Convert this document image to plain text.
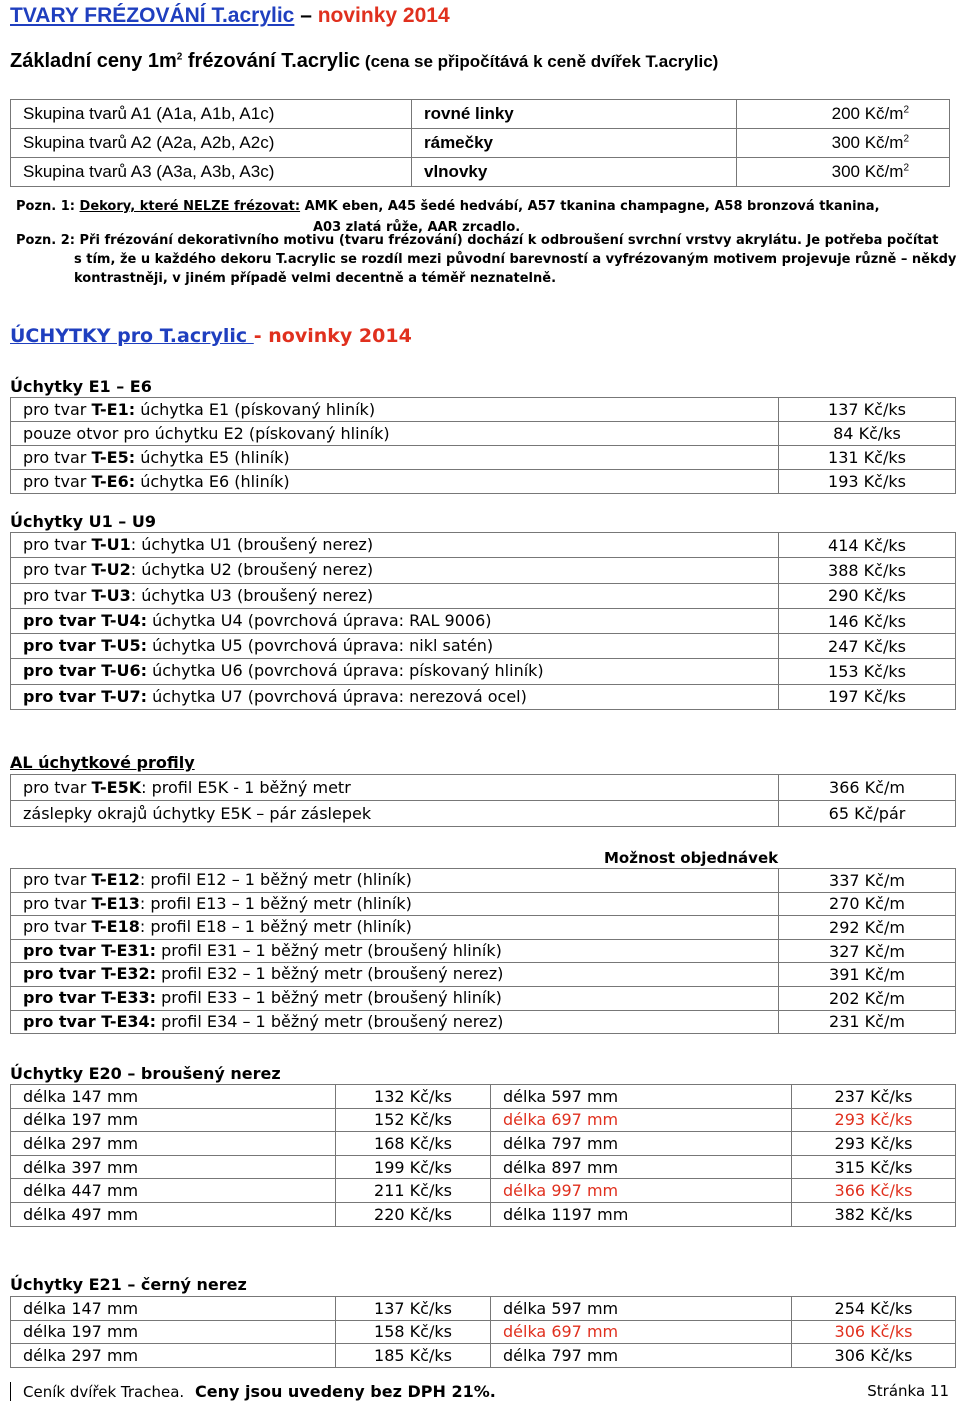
TVARY FRÉZOVÁNÍ T.acrylic – novinky 2014
Základní ceny $1m^2$ frézování T.acrylic (cena se připočítává k ceně dvířek T.acrylic)
Skupina tvarů A1 (A1a, A1b, A1c)	rovné linky	200 $Kč/m^2$
Skupina tvarů A2 (A2a, A2b, A2c)	rámečky	300 $Kč/m^2$
Skupina tvarů A3 (A3a, A3b, A3c)	vlnovky	300 $Kč/m^2$
Pozn. 1: Dekory, které NELZE frézovat: AMK eben, A45 šedé hedvábí, A57 tkanina champagne, A58 bronzová tkanina,
A03 zlatá růže, AAR zrcadlo.
Pozn. 2: Při frézování dekorativního motivu (tvaru frézování) dochází k odbroušení svrchní vrstvy akrylátu. Je potřeba počítat
s tím, že u každého dekoru T.acrylic se rozdíl mezi původní barevností a vyfrézovaným motivem projevuje různě – někdy
kontrastněji, v jiném případě velmi decentně a téměř neznatelně.
ÚCHYTKY pro T.acrylic - novinky 2014
Úchytky E1 – E6
pro tvar T-E1: úchytka E1 (pískovaný hliník)	137 Kč/ks
pouze otvor pro úchytku E2 (pískovaný hliník)	84 Kč/ks
pro tvar T-E5: úchytka E5 (hliník)	131 Kč/ks
pro tvar T-E6: úchytka E6 (hliník)	193 Kč/ks
Úchytky U1 – U9
pro tvar T-U1: úchytka U1 (broušený nerez)	414 Kč/ks
pro tvar T-U2: úchytka U2 (broušený nerez)	388 Kč/ks
pro tvar T-U3: úchytka U3 (broušený nerez)	290 Kč/ks
pro tvar T-U4: úchytka U4 (povrchová úprava: RAL 9006)	146 Kč/ks
pro tvar T-U5: úchytka U5 (povrchová úprava: nikl satén)	247 Kč/ks
pro tvar T-U6: úchytka U6 (povrchová úprava: pískovaný hliník)	153 Kč/ks
pro tvar T-U7: úchytka U7 (povrchová úprava: nerezová ocel)	197 Kč/ks
AL úchytkové profily
pro tvar T-E5K: profil E5K - 1 běžný metr	366 Kč/m
záslepky okrajů úchytky E5K – pár záslepek	65 Kč/pár
Možnost objednávek
pro tvar T-E12: profil E12 – 1 běžný metr (hliník)	337 Kč/m
pro tvar T-E13: profil E13 – 1 běžný metr (hliník)	270 Kč/m
pro tvar T-E18: profil E18 – 1 běžný metr (hliník)	292 Kč/m
pro tvar T-E31: profil E31 – 1 běžný metr (broušený hliník)	327 Kč/m
pro tvar T-E32: profil E32 – 1 běžný metr (broušený nerez)	391 Kč/m
pro tvar T-E33: profil E33 – 1 běžný metr (broušený hliník)	202 Kč/m
pro tvar T-E34: profil E34 – 1 běžný metr (broušený nerez)	231 Kč/m
Úchytky E20 – broušený nerez
délka 147 mm	132 Kč/ks	délka 597 mm	237 Kč/ks
délka 197 mm	152 Kč/ks	délka 697 mm	293 Kč/ks
délka 297 mm	168 Kč/ks	délka 797 mm	293 Kč/ks
délka 397 mm	199 Kč/ks	délka 897 mm	315 Kč/ks
délka 447 mm	211 Kč/ks	délka 997 mm	366 Kč/ks
délka 497 mm	220 Kč/ks	délka 1197 mm	382 Kč/ks
Úchytky E21 – černý nerez
délka 147 mm	137 Kč/ks	délka 597 mm	254 Kč/ks
délka 197 mm	158 Kč/ks	délka 697 mm	306 Kč/ks
délka 297 mm	185 Kč/ks	délka 797 mm	306 Kč/ks
Ceník dvířek Trachea. Ceny jsou uvedeny bez DPH 21%.	Stránka 11
